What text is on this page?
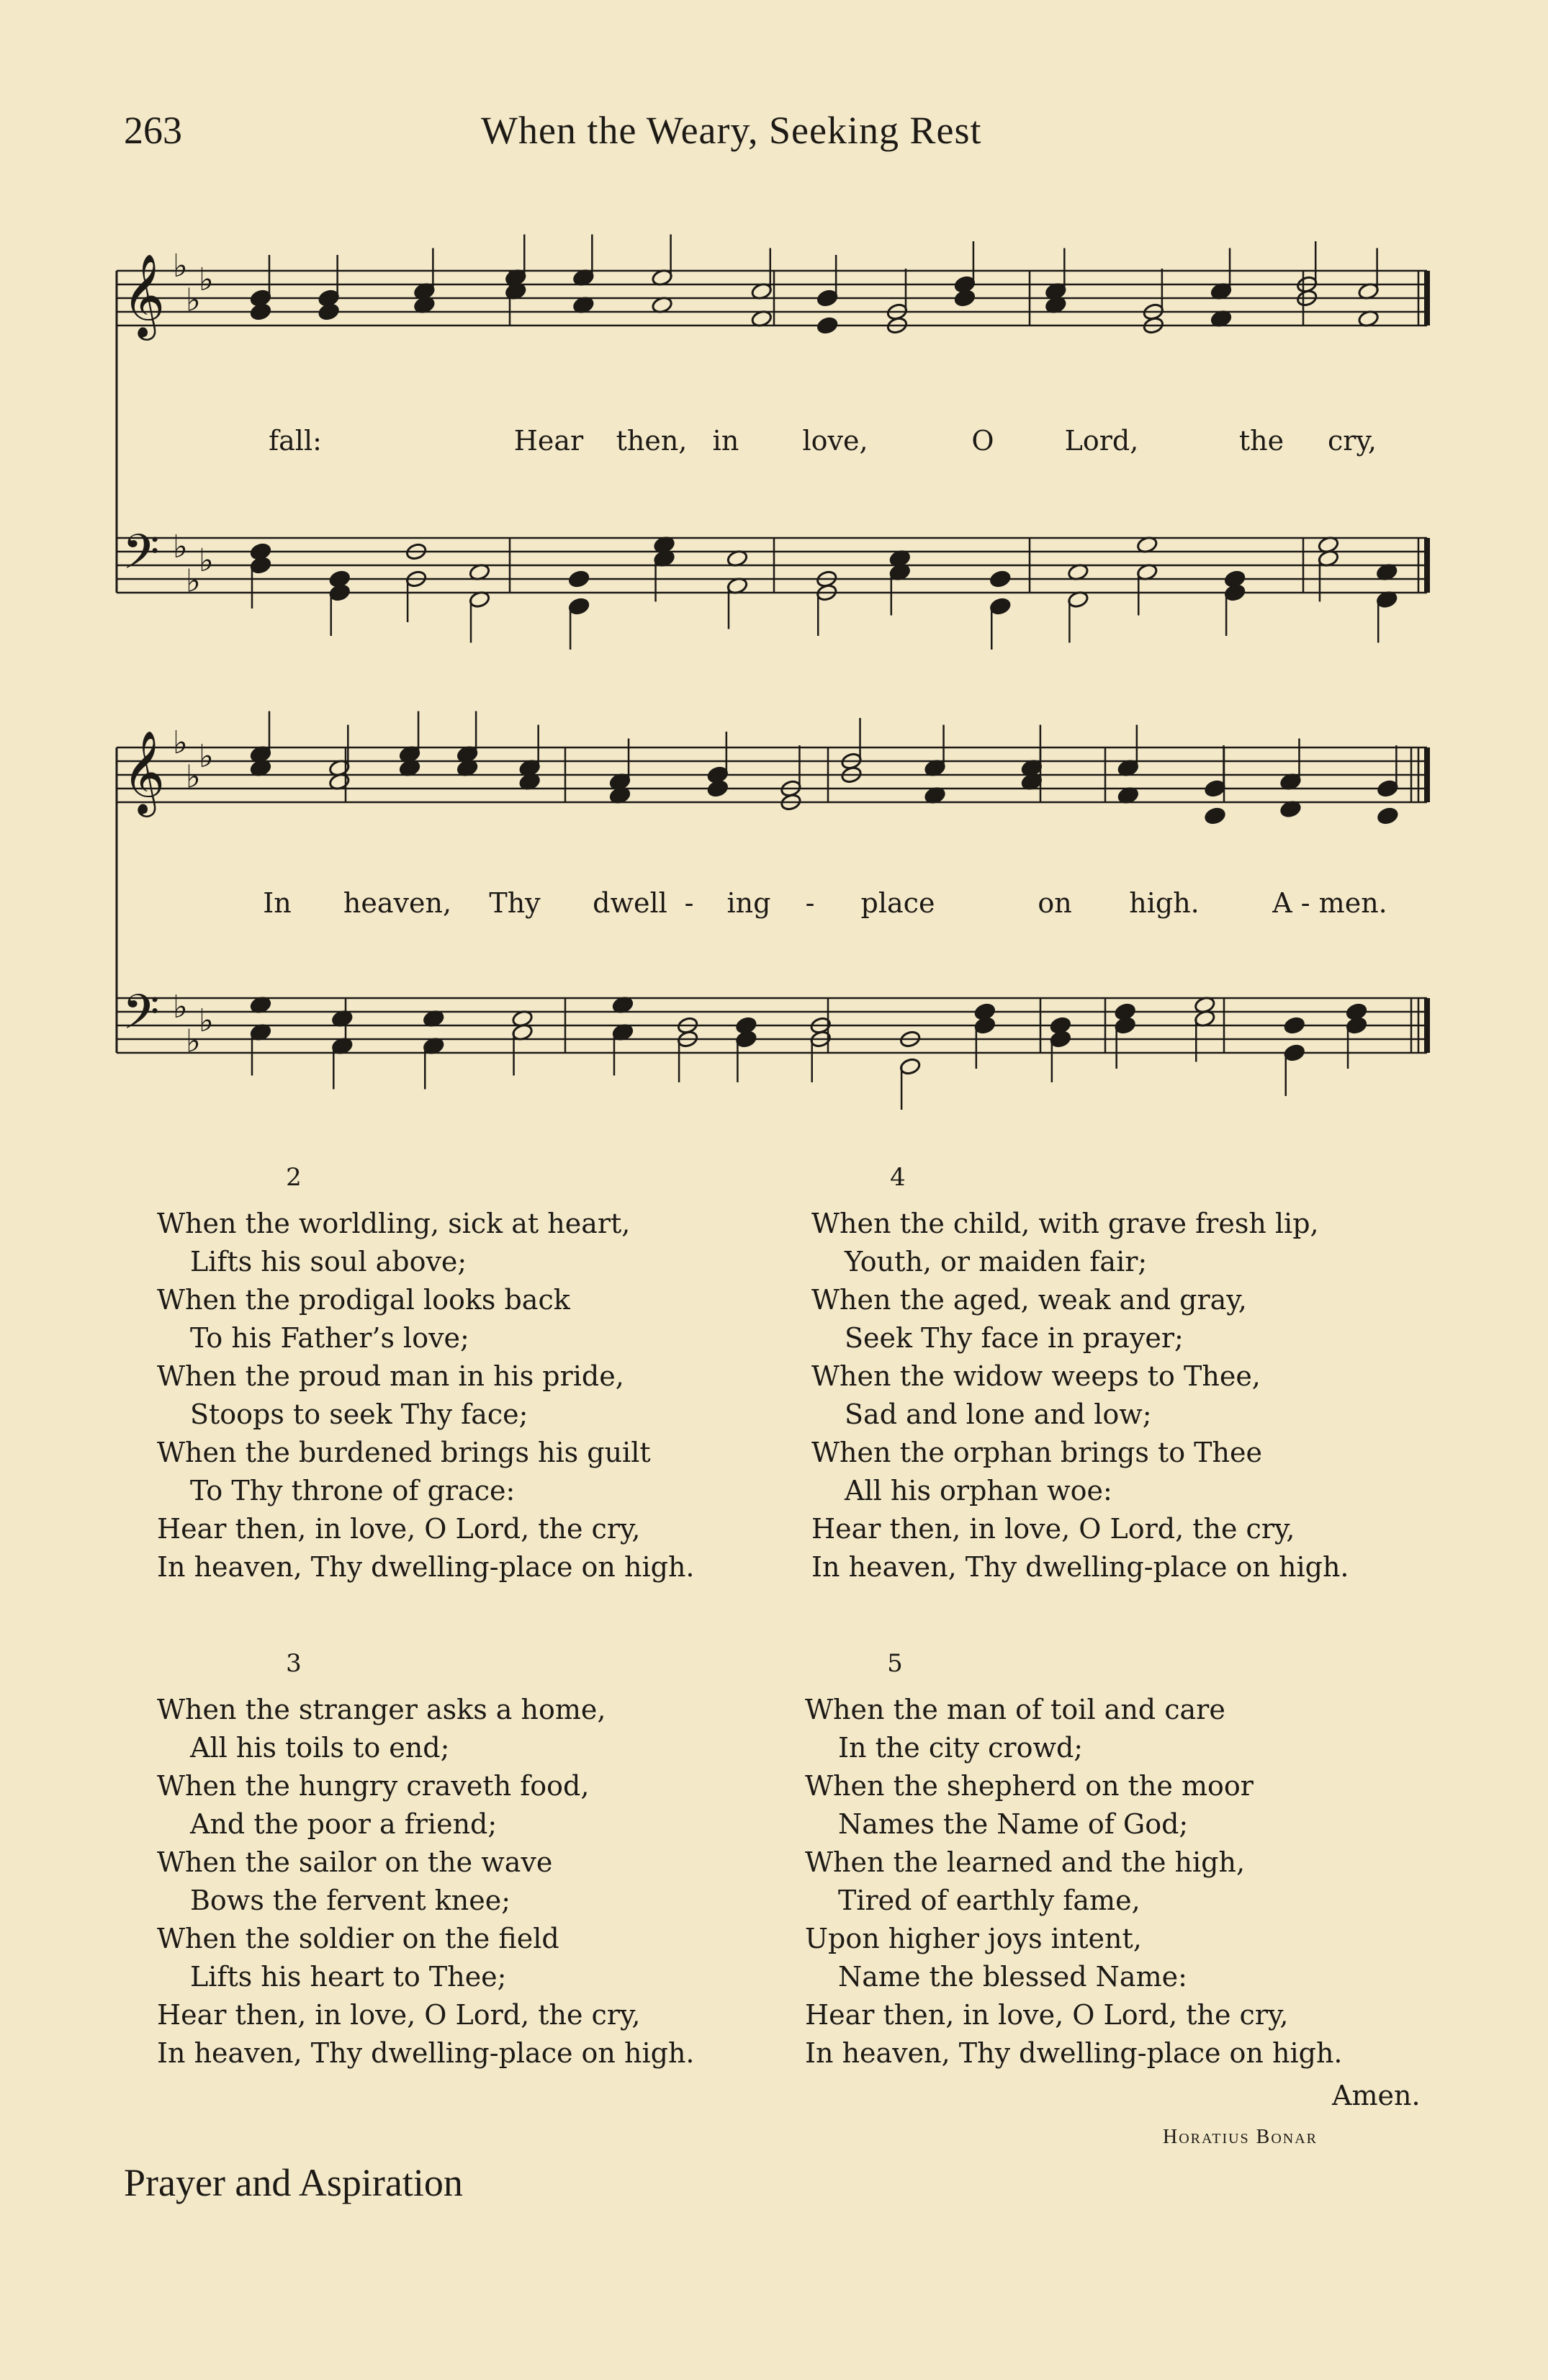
263	When the Weary, Seeking Rest
𝄞
𝄢
♭
♭
♭
♭
♭
♭
𝄞
𝄢
♭
♭
♭
♭
♭
♭
fall:	Hear then, in love,	O	Lord,	the cry,
In heaven, Thy dwell - ing - place	on high.	A - men.
2
When the worldling, sick at heart,
Lifts his soul above;
When the prodigal looks back
To his Father’s love;
When the proud man in his pride,
Stoops to seek Thy face;
When the burdened brings his guilt
To Thy throne of grace:
Hear then, in love, O Lord, the cry,
In heaven, Thy dwelling-place on high.
4
When the child, with grave fresh lip,
Youth, or maiden fair;
When the aged, weak and gray,
Seek Thy face in prayer;
When the widow weeps to Thee,
Sad and lone and low;
When the orphan brings to Thee
All his orphan woe:
Hear then, in love, O Lord, the cry,
In heaven, Thy dwelling-place on high.
3
When the stranger asks a home,
All his toils to end;
When the hungry craveth food,
And the poor a friend;
When the sailor on the wave
Bows the fervent knee;
When the soldier on the field
Lifts his heart to Thee;
Hear then, in love, O Lord, the cry,
In heaven, Thy dwelling-place on high.
5
When the man of toil and care
In the city crowd;
When the shepherd on the moor
Names the Name of God;
When the learned and the high,
Tired of earthly fame,
Upon higher joys intent,
Name the blessed Name:
Hear then, in love, O Lord, the cry,
In heaven, Thy dwelling-place on high.
Amen.
Horatius Bonar
Prayer and Aspiration
